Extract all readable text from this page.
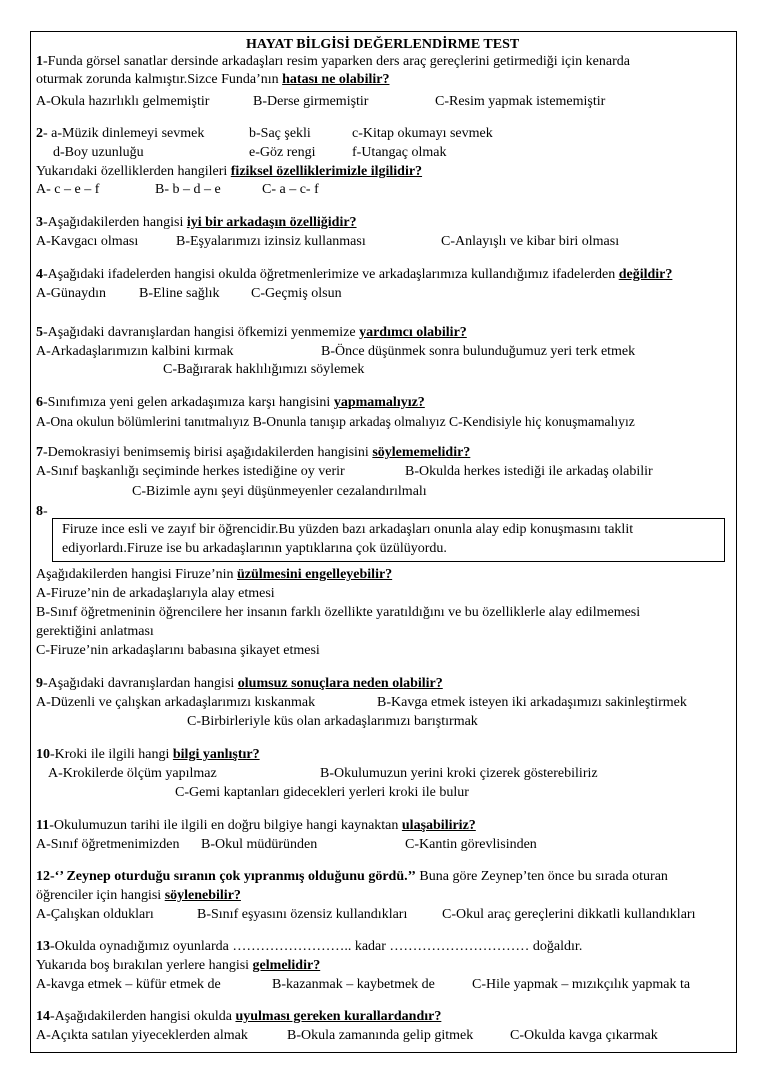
HAYAT BİLGİSİ DEĞERLENDİRME TEST
1-Funda görsel sanatlar dersinde arkadaşları resim yaparken ders araç gereçlerini getirmediği için kenarda
oturmak zorunda kalmıştır.Sizce Funda’nın hatası ne olabilir?
A-Okula hazırlıklı gelmemiştir	B-Derse girmemiştir	C-Resim yapmak istememiştir
2- a-Müzik dinlemeyi sevmek	b-Saç şekli	c-Kitap okumayı sevmek
d-Boy uzunluğu	e-Göz rengi	f-Utangaç olmak
Yukarıdaki özelliklerden hangileri fiziksel özelliklerimizle ilgilidir?
A- c – e – f	B- b – d – e	C- a – c- f
3-Aşağıdakilerden hangisi iyi bir arkadaşın özelliğidir?
A-Kavgacı olması	B-Eşyalarımızı izinsiz kullanması	C-Anlayışlı ve kibar biri olması
4-Aşağıdaki ifadelerden hangisi okulda öğretmenlerimize ve arkadaşlarımıza kullandığımız ifadelerden değildir?
A-Günaydın B-Eline sağlık C-Geçmiş olsun
5-Aşağıdaki davranışlardan hangisi öfkemizi yenmemize yardımcı olabilir?
A-Arkadaşlarımızın kalbini kırmak	B-Önce düşünmek sonra bulunduğumuz yeri terk etmek
C-Bağırarak haklılığımızı söylemek
6-Sınıfımıza yeni gelen arkadaşımıza karşı hangisini yapmamalıyız?
A-Ona okulun bölümlerini tanıtmalıyız B-Onunla tanışıp arkadaş olmalıyız C-Kendisiyle hiç konuşmamalıyız
7-Demokrasiyi benimsemiş birisi aşağıdakilerden hangisini söylememelidir?
A-Sınıf başkanlığı seçiminde herkes istediğine oy verir	B-Okulda herkes istediği ile arkadaş olabilir
C-Bizimle aynı şeyi düşünmeyenler cezalandırılmalı
8-
Firuze ince esli ve zayıf bir öğrencidir.Bu yüzden bazı arkadaşları onunla alay edip konuşmasını taklit
ediyorlardı.Firuze ise bu arkadaşlarının yaptıklarına çok üzülüyordu.
Aşağıdakilerden hangisi Firuze’nin üzülmesini engelleyebilir?
A-Firuze’nin de arkadaşlarıyla alay etmesi
B-Sınıf öğretmeninin öğrencilere her insanın farklı özellikte yaratıldığını ve bu özelliklerle alay edilmemesi
gerektiğini anlatması
C-Firuze’nin arkadaşlarını babasına şikayet etmesi
9-Aşağıdaki davranışlardan hangisi olumsuz sonuçlara neden olabilir?
A-Düzenli ve çalışkan arkadaşlarımızı kıskanmak	B-Kavga etmek isteyen iki arkadaşımızı sakinleştirmek
C-Birbirleriyle küs olan arkadaşlarımızı barıştırmak
10-Kroki ile ilgili hangi bilgi yanlıştır?
A-Krokilerde ölçüm yapılmaz	B-Okulumuzun yerini kroki çizerek gösterebiliriz
C-Gemi kaptanları gidecekleri yerleri kroki ile bulur
11-Okulumuzun tarihi ile ilgili en doğru bilgiye hangi kaynaktan ulaşabiliriz?
A-Sınıf öğretmenimizden B-Okul müdüründen	C-Kantin görevlisinden
12-‘’ Zeynep oturduğu sıranın çok yıpranmış olduğunu gördü.’’ Buna göre Zeynep’ten önce bu sırada oturan
öğrenciler için hangisi söylenebilir?
A-Çalışkan oldukları	B-Sınıf eşyasını özensiz kullandıkları C-Okul araç gereçlerini dikkatli kullandıkları
13-Okulda oynadığımız oyunlarda …………………….. kadar ………………………… doğaldır.
Yukarıda boş bırakılan yerlere hangisi gelmelidir?
A-kavga etmek – küfür etmek de	B-kazanmak – kaybetmek de	C-Hile yapmak – mızıkçılık yapmak ta
14-Aşağıdakilerden hangisi okulda uyulması gereken kurallardandır?
A-Açıkta satılan yiyeceklerden almak	B-Okula zamanında gelip gitmek	C-Okulda kavga çıkarmak
